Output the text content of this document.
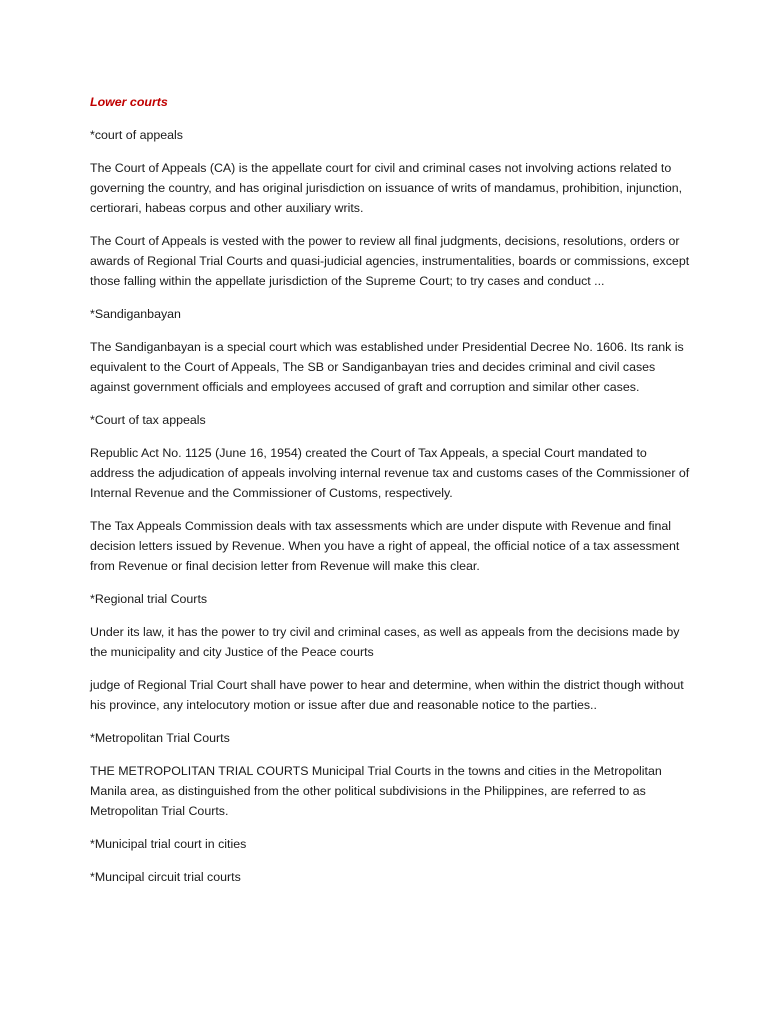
Lower courts

*court of appeals

The Court of Appeals (CA) is the appellate court for civil and criminal cases not involving actions related to governing the country, and has original jurisdiction on issuance of writs of mandamus, prohibition, injunction, certiorari, habeas corpus and other auxiliary writs.

The Court of Appeals is vested with the power to review all final judgments, decisions, resolutions, orders or awards of Regional Trial Courts and quasi-judicial agencies, instrumentalities, boards or commissions, except those falling within the appellate jurisdiction of the Supreme Court; to try cases and conduct ...

*Sandiganbayan

The Sandiganbayan is a special court which was established under Presidential Decree No. 1606. Its rank is equivalent to the Court of Appeals, The SB or Sandiganbayan tries and decides criminal and civil cases against government officials and employees accused of graft and corruption and similar other cases.

*Court of tax appeals

Republic Act No. 1125 (June 16, 1954) created the Court of Tax Appeals, a special Court mandated to address the adjudication of appeals involving internal revenue tax and customs cases of the Commissioner of Internal Revenue and the Commissioner of Customs, respectively.

The Tax Appeals Commission deals with tax assessments which are under dispute with Revenue and final decision letters issued by Revenue. When you have a right of appeal, the official notice of a tax assessment from Revenue or final decision letter from Revenue will make this clear.

*Regional trial Courts

Under its law, it has the power to try civil and criminal cases, as well as appeals from the decisions made by the municipality and city Justice of the Peace courts

judge of Regional Trial Court shall have power to hear and determine, when within the district though without his province, any intelocutory motion or issue after due and reasonable notice to the parties..

*Metropolitan Trial Courts

THE METROPOLITAN TRIAL COURTS Municipal Trial Courts in the towns and cities in the Metropolitan Manila area, as distinguished from the other political subdivisions in the Philippines, are referred to as Metropolitan Trial Courts.

*Municipal trial court in cities

*Muncipal circuit trial courts
